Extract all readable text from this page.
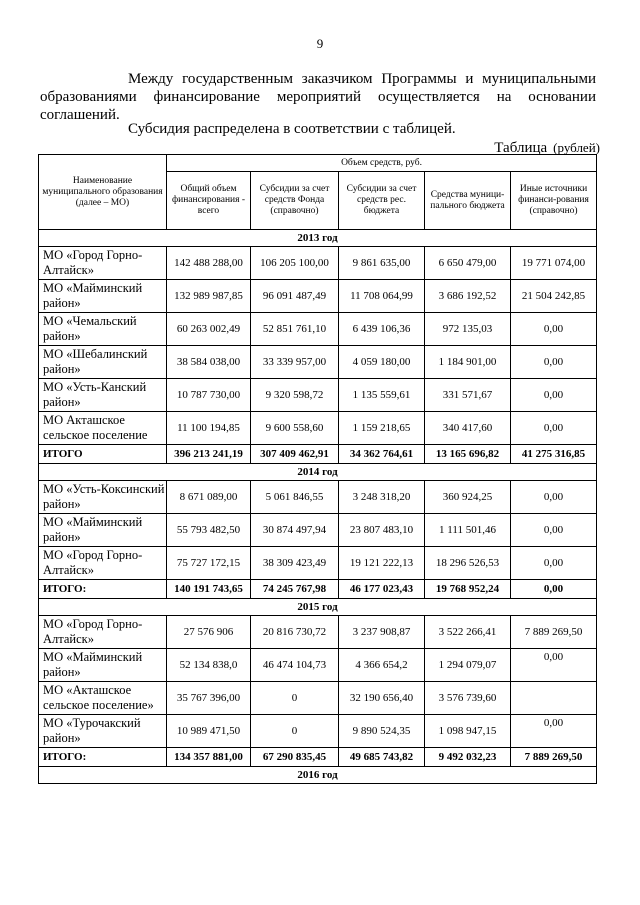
9
Между государственным заказчиком Программы и муниципальными образованиями финансирование мероприятий осуществляется на основании соглашений.
Субсидия распределена в соответствии с таблицей.
Таблица (рублей)
Наименование муниципального образования (далее – МО)	Объем средств, руб.				
	Общий объем финансирования - всего	Субсидии за счет средств Фонда (справочно)	Субсидии за счет средств рес. бюджета	Средства муници-пального бюджета	Иные источники финанси-рования (справочно)
2013 год					
МО «Город Горно-Алтайск»	142 488 288,00	106 205 100,00	9 861 635,00	6 650 479,00	19 771 074,00
МО «Майминский район»	132 989 987,85	96 091 487,49	11 708 064,99	3 686 192,52	21 504 242,85
МО «Чемальский район»	60 263 002,49	52 851 761,10	6 439 106,36	972 135,03	0,00
МО «Шебалинский район»	38 584 038,00	33 339 957,00	4 059 180,00	1 184 901,00	0,00
МО «Усть-Канский район»	10 787 730,00	9 320 598,72	1 135 559,61	331 571,67	0,00
МО Акташское сельское поселение	11 100 194,85	9 600 558,60	1 159 218,65	340 417,60	0,00
ИТОГО	396 213 241,19	307 409 462,91	34 362 764,61	13 165 696,82	41 275 316,85
2014 год					
МО «Усть-Коксинский район»	8 671 089,00	5 061 846,55	3 248 318,20	360 924,25	0,00
МО «Майминский район»	55 793 482,50	30 874 497,94	23 807 483,10	1 111 501,46	0,00
МО «Город Горно-Алтайск»	75 727 172,15	38 309 423,49	19 121 222,13	18 296 526,53	0,00
ИТОГО:	140 191 743,65	74 245 767,98	46 177 023,43	19 768 952,24	0,00
2015 год					
МО «Город Горно-Алтайск»	27 576 906	20 816 730,72	3 237 908,87	3 522 266,41	7 889 269,50
МО «Майминский район»	52 134 838,0	46 474 104,73	4 366 654,2	1 294 079,07	0,00
МО «Акташское сельское поселение»	35 767 396,00	0	32 190 656,40	3 576 739,60	
МО «Турочакский район»	10 989 471,50	0	9 890 524,35	1 098 947,15	0,00
ИТОГО:	134 357 881,00	67 290 835,45	49 685 743,82	9 492 032,23	7 889 269,50
2016 год					
